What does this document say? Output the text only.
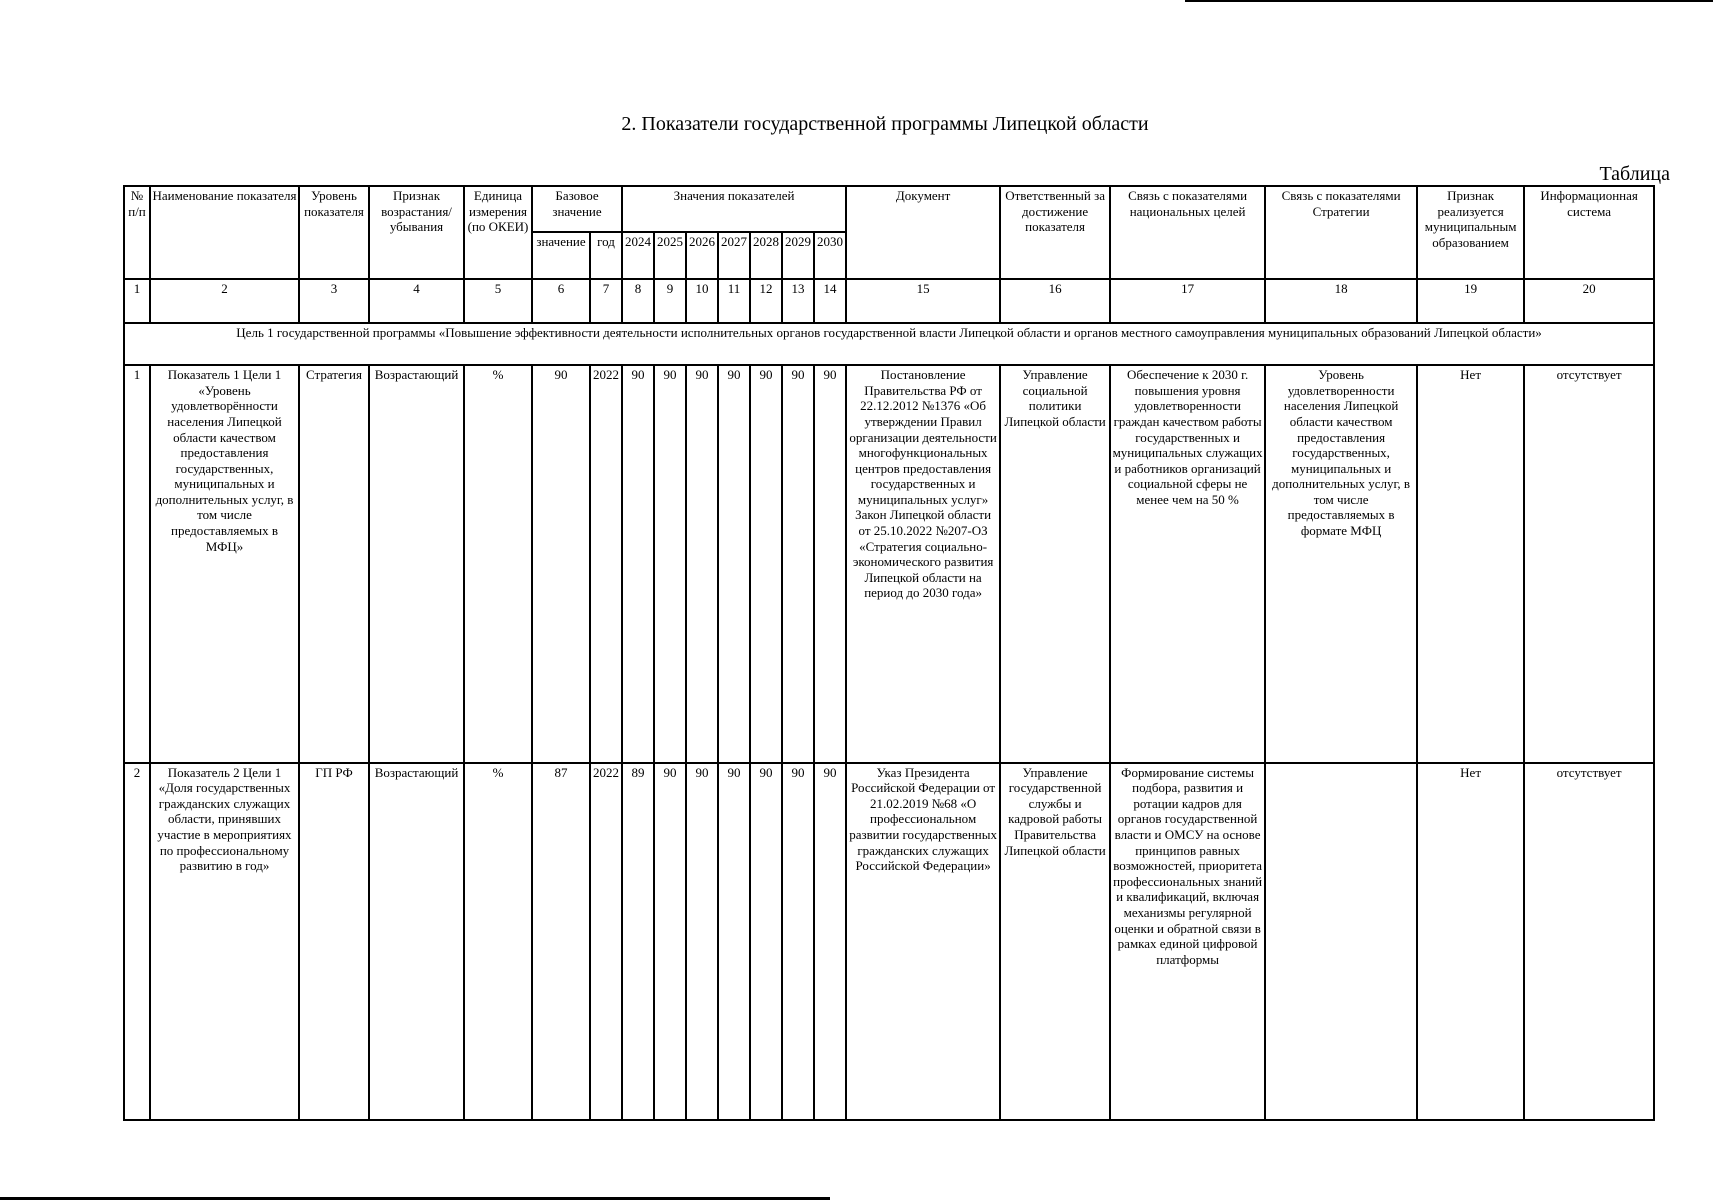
2. Показатели государственной программы Липецкой области
Таблица
№ п/п	Наименование показателя	Уровень показателя	Признак возрастания/ убывания	Единица измерения (по ОКЕИ)	Базовое значение		Значения показателей							Документ	Ответственный за достижение показателя	Связь с показателями национальных целей	Связь с показателями Стратегии	Признак реализуется муниципальным образованием	Информационная система
					значение	год	2024	2025	2026	2027	2028	2029	2030						
1	2	3	4	5	6	7	8	9	10	11	12	13	14	15	16	17	18	19	20
Цель 1 государственной программы «Повышение эффективности деятельности исполнительных органов государственной власти Липецкой области и органов местного самоуправления муниципальных образований Липецкой области»																			
1	Показатель 1 Цели 1 «Уровень удовлетворённости населения Липецкой области качеством предоставления государственных, муниципальных и дополнительных услуг, в том числе предоставляемых в МФЦ»	Стратегия	Возрастающий	%	90	2022	90	90	90	90	90	90	90	Постановление Правительства РФ от 22.12.2012 №1376 «Об утверждении Правил организации деятельности многофункциональных центров предоставления государственных и муниципальных услуг» Закон Липецкой области от 25.10.2022 №207-ОЗ «Стратегия социально-экономического развития Липецкой области на период до 2030 года»	Управление социальной политики Липецкой области	Обеспечение к 2030 г. повышения уровня удовлетворенности граждан качеством работы государственных и муниципальных служащих и работников организаций социальной сферы не менее чем на 50 %	Уровень удовлетворенности населения Липецкой области качеством предоставления государственных, муниципальных и дополнительных услуг, в том числе предоставляемых в формате МФЦ	Нет	отсутствует
2	Показатель 2 Цели 1 «Доля государственных гражданских служащих области, принявших участие в мероприятиях по профессиональному развитию в год»	ГП РФ	Возрастающий	%	87	2022	89	90	90	90	90	90	90	Указ Президента Российской Федерации от 21.02.2019 №68 «О профессиональном развитии государственных гражданских служащих Российской Федерации»	Управление государственной службы и кадровой работы Правительства Липецкой области	Формирование системы подбора, развития и ротации кадров для органов государственной власти и ОМСУ на основе принципов равных возможностей, приоритета профессиональных знаний и квалификаций, включая механизмы регулярной оценки и обратной связи в рамках единой цифровой платформы		Нет	отсутствует
